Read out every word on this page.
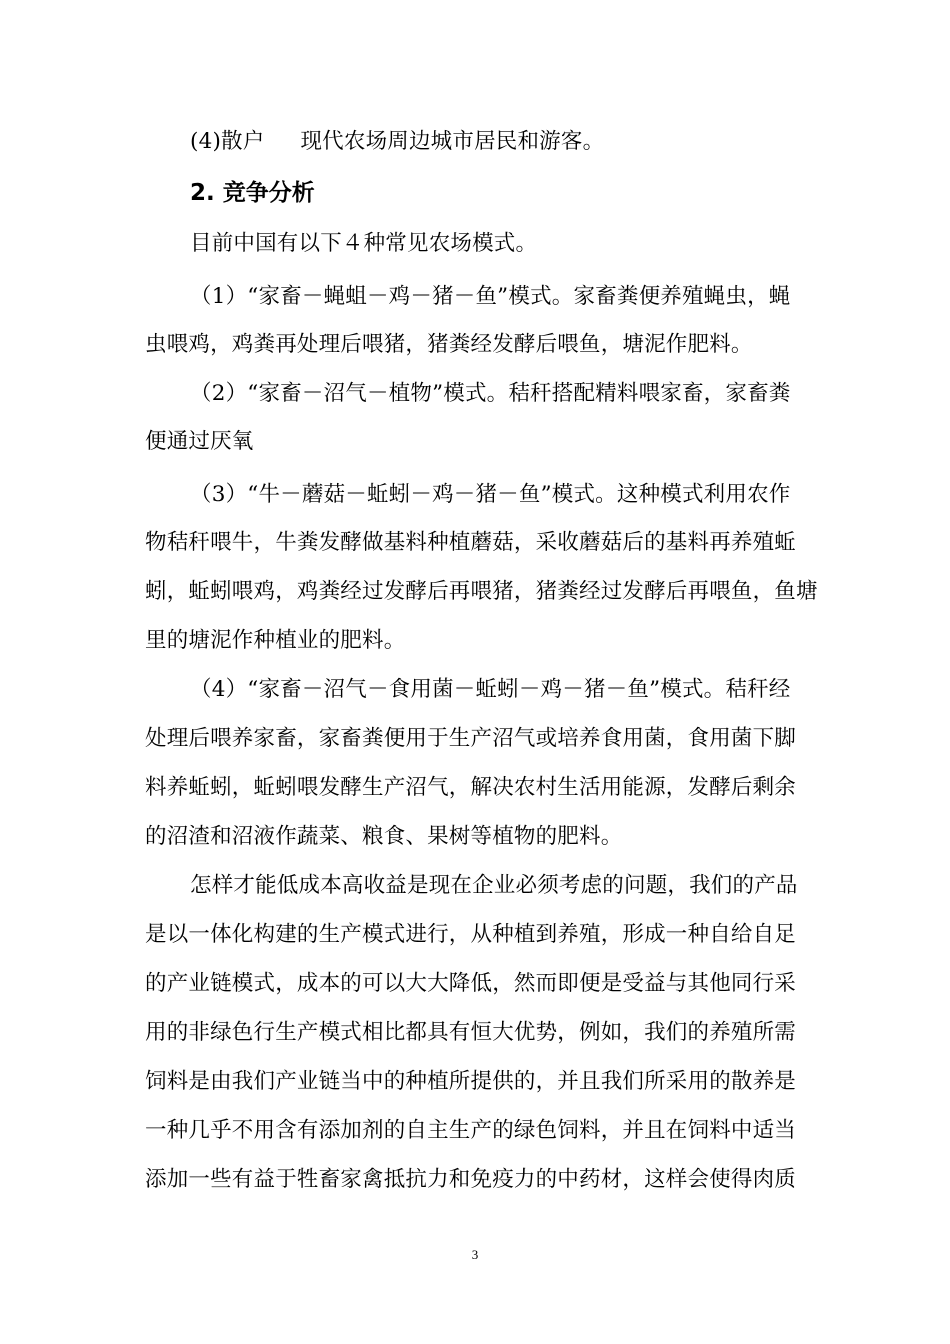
(4)散户 现代农场周边城市居民和游客。
2. 竞争分析
目前中国有以下４种常见农场模式。
（1）“家畜－蝇蛆－鸡－猪－鱼”模式。家畜粪便养殖蝇虫，蝇
虫喂鸡，鸡粪再处理后喂猪，猪粪经发酵后喂鱼，塘泥作肥料。
（2）“家畜－沼气－植物”模式。秸秆搭配精料喂家畜，家畜粪
便通过厌氧
（3）“牛－蘑菇－蚯蚓－鸡－猪－鱼”模式。这种模式利用农作
物秸秆喂牛，牛粪发酵做基料种植蘑菇，采收蘑菇后的基料再养殖蚯
蚓，蚯蚓喂鸡，鸡粪经过发酵后再喂猪，猪粪经过发酵后再喂鱼，鱼塘
里的塘泥作种植业的肥料。
（4）“家畜－沼气－食用菌－蚯蚓－鸡－猪－鱼”模式。秸秆经
处理后喂养家畜，家畜粪便用于生产沼气或培养食用菌，食用菌下脚
料养蚯蚓，蚯蚓喂发酵生产沼气，解决农村生活用能源，发酵后剩余
的沼渣和沼液作蔬菜、粮食、果树等植物的肥料。
怎样才能低成本高收益是现在企业必须考虑的问题，我们的产品
是以一体化构建的生产模式进行，从种植到养殖，形成一种自给自足
的产业链模式，成本的可以大大降低，然而即便是受益与其他同行采
用的非绿色行生产模式相比都具有恒大优势，例如，我们的养殖所需
饲料是由我们产业链当中的种植所提供的，并且我们所采用的散养是
一种几乎不用含有添加剂的自主生产的绿色饲料，并且在饲料中适当
添加一些有益于牲畜家禽抵抗力和免疫力的中药材，这样会使得肉质
3
